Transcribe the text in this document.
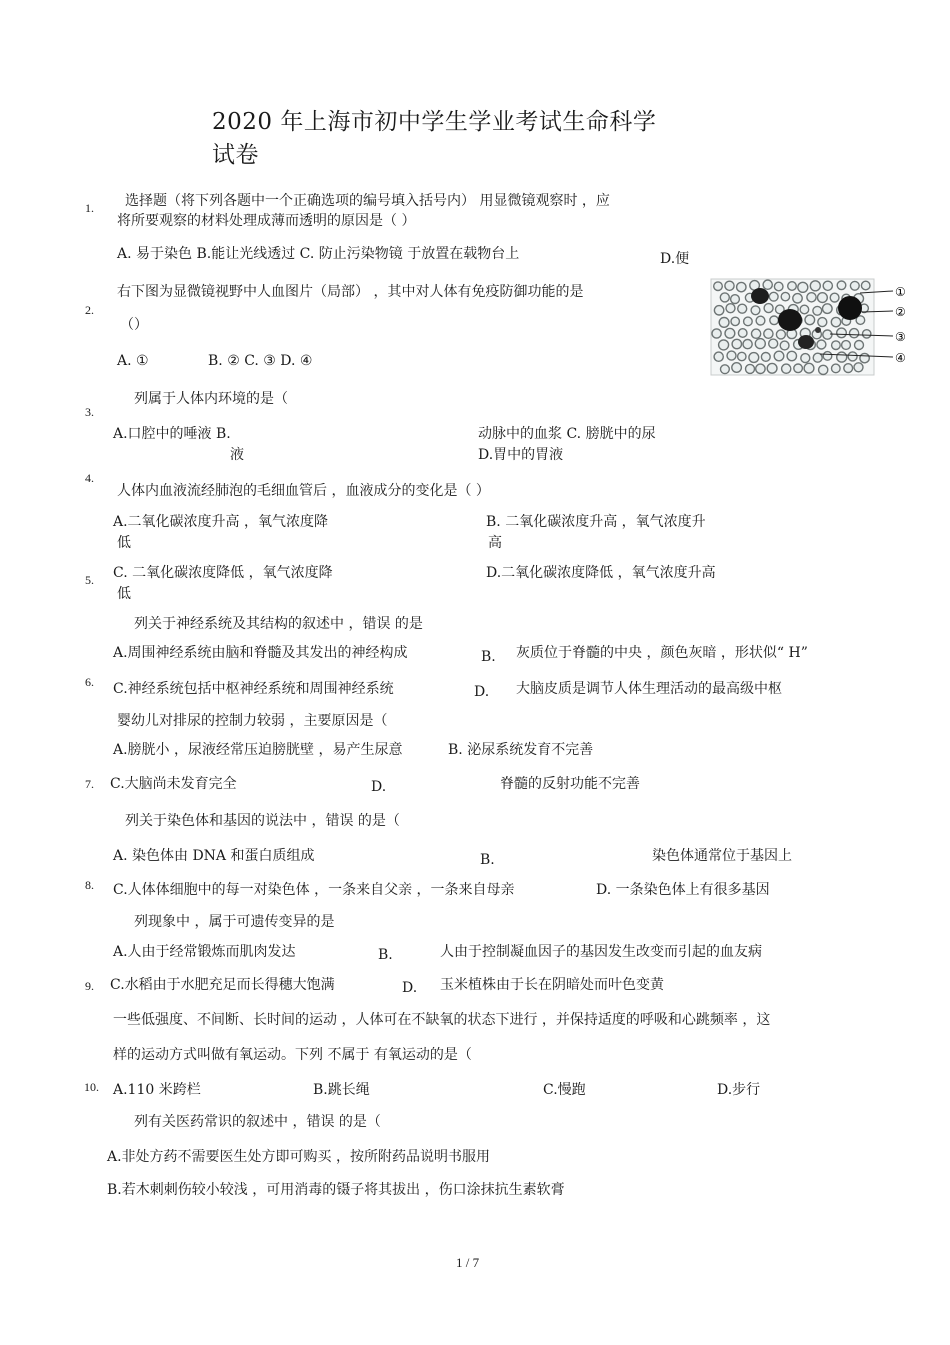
2020 年上海市初中学生学业考试生命科学
试卷
1. 选择题（将下列各题中一个正确选项的编号填入括号内） 用显微镜观察时 ，应
将所要观察的材料处理成薄而透明的原因是（ ）
A. 易于染色 B.能让光线透过 C. 防止污染物镜 于放置在载物台上	D.便
右下图为显微镜视野中人血图片（局部） ，其中对人体有免疫防御功能的是
2.
（）
A. ①	B. ② C. ③ D. ④
①
②
③
④
列属于人体内环境的是（
3.
A.口腔中的唾液 B.
液
动脉中的血浆 C. 膀胱中的尿
D.胃中的胃液
4.
人体内血液流经肺泡的毛细血管后 ，血液成分的变化是（ ）
A.二氧化碳浓度升高 ，氧气浓度降
低
B. 二氧化碳浓度升高 ，氧气浓度升
高
C. 二氧化碳浓度降低 ，氧气浓度降
低
D.二氧化碳浓度降低 ，氧气浓度升高
5.
列关于神经系统及其结构的叙述中 ，错误 的是
A.周围神经系统由脑和脊髓及其发出的神经构成	B. 灰质位于脊髓的中央 ，颜色灰暗 ，形状似“ H”
C.神经系统包括中枢神经系统和周围神经系统	D. 大脑皮质是调节人体生理活动的最高级中枢
6.
婴幼儿对排尿的控制力较弱 ，主要原因是（
A.膀胱小 ，尿液经常压迫膀胱壁 ，易产生尿意	B. 泌尿系统发育不完善
C.大脑尚未发育完全	D.	脊髓的反射功能不完善
7.
列关于染色体和基因的说法中 ，错误 的是（
A. 染色体由 DNA 和蛋白质组成	B.	染色体通常位于基因上
C.人体体细胞中的每一对染色体 ，一条来自父亲 ，一条来自母亲	D. 一条染色体上有很多基因
8.
列现象中 ，属于可遗传变异的是
A.人由于经常锻炼而肌肉发达	B.	人由于控制凝血因子的基因发生改变而引起的血友病
C.水稻由于水肥充足而长得穗大饱满	D. 玉米植株由于长在阴暗处而叶色变黄
9.
一些低强度、不间断、长时间的运动 ，人体可在不缺氧的状态下进行 ，并保持适度的呼吸和心跳频率 ，这
样的运动方式叫做有氧运动。下列 不属于 有氧运动的是（
A.110 米跨栏	B.跳长绳	C.慢跑	D.步行
10.
列有关医药常识的叙述中 ，错误 的是（
A.非处方药不需要医生处方即可购买 ，按所附药品说明书服用
B.若木刺刺伤较小较浅 ，可用消毒的镊子将其拔出 ，伤口涂抹抗生素软膏
1 / 7
